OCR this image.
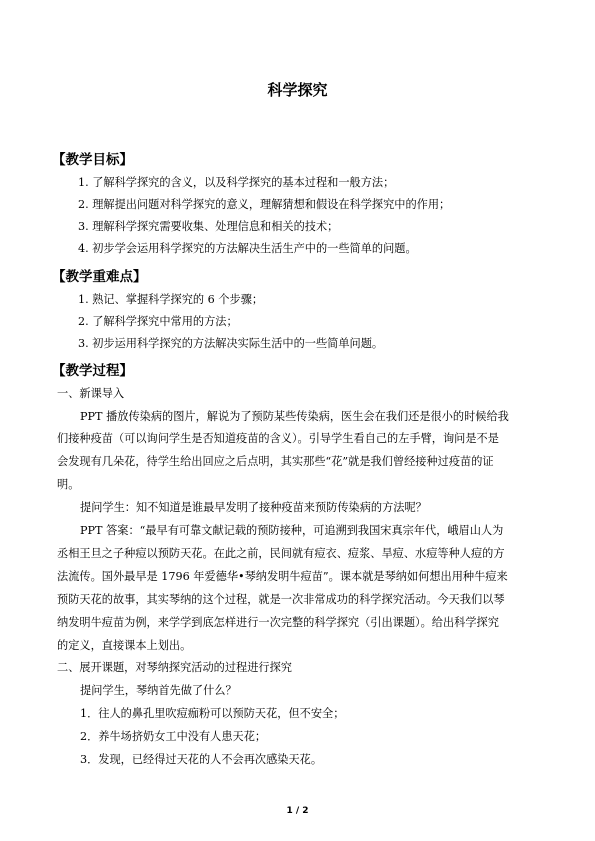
科学探究
【教学目标】
1. 了解科学探究的含义，以及科学探究的基本过程和一般方法；
2. 理解提出问题对科学探究的意义，理解猜想和假设在科学探究中的作用；
3. 理解科学探究需要收集、处理信息和相关的技术；
4. 初步学会运用科学探究的方法解决生活生产中的一些简单的问题。
【教学重难点】
1. 熟记、掌握科学探究的 6 个步骤；
2. 了解科学探究中常用的方法；
3. 初步运用科学探究的方法解决实际生活中的一些简单问题。
【教学过程】
一、新课导入
PPT 播放传染病的图片，解说为了预防某些传染病，医生会在我们还是很小的时候给我
们接种疫苗（可以询问学生是否知道疫苗的含义）。引导学生看自己的左手臂，询问是不是
会发现有几朵花，待学生给出回应之后点明，其实那些“花”就是我们曾经接种过疫苗的证
明。
提问学生：知不知道是谁最早发明了接种疫苗来预防传染病的方法呢？
PPT 答案：“最早有可靠文献记载的预防接种，可追溯到我国宋真宗年代，峨眉山人为
丞相王旦之子种痘以预防天花。在此之前，民间就有痘衣、痘浆、旱痘、水痘等种人痘的方
法流传。国外最早是 1796 年爱德华•琴纳发明牛痘苗”。课本就是琴纳如何想出用种牛痘来
预防天花的故事，其实琴纳的这个过程，就是一次非常成功的科学探究活动。今天我们以琴
纳发明牛痘苗为例，来学学到底怎样进行一次完整的科学探究（引出课题）。给出科学探究
的定义，直接课本上划出。
二、展开课题，对琴纳探究活动的过程进行探究
提问学生，琴纳首先做了什么？
1．往人的鼻孔里吹痘痂粉可以预防天花，但不安全；
2．养牛场挤奶女工中没有人患天花；
3．发现，已经得过天花的人不会再次感染天花。
1 / 2
